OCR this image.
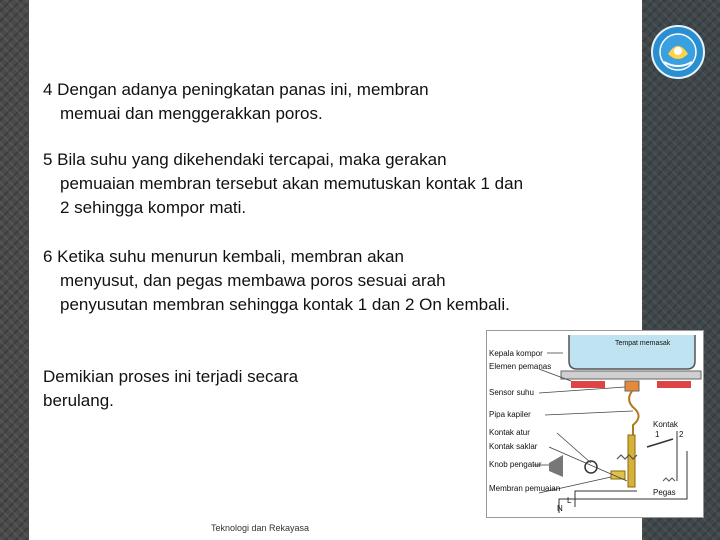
4 Dengan adanya peningkatan panas ini, membran
memuai dan menggerakkan poros.
5 Bila suhu yang dikehendaki tercapai, maka gerakan
pemuaian membran tersebut akan memutuskan kontak 1 dan 2 sehingga kompor mati.
6 Ketika suhu menurun kembali, membran akan
menyusut, dan pegas membawa poros sesuai arah penyusutan membran sehingga kontak 1 dan 2 On kembali.
Demikian proses ini terjadi secara
berulang.
Teknologi dan Rekayasa
Kepala kompor
Tempat memasak
Elemen pemanas
Sensor suhu
Pipa kapiler
Kontak atur
Kontak saklar
Knob pengatur
Membran pemuaian
Kontak
1 2
Pegas
L
N
